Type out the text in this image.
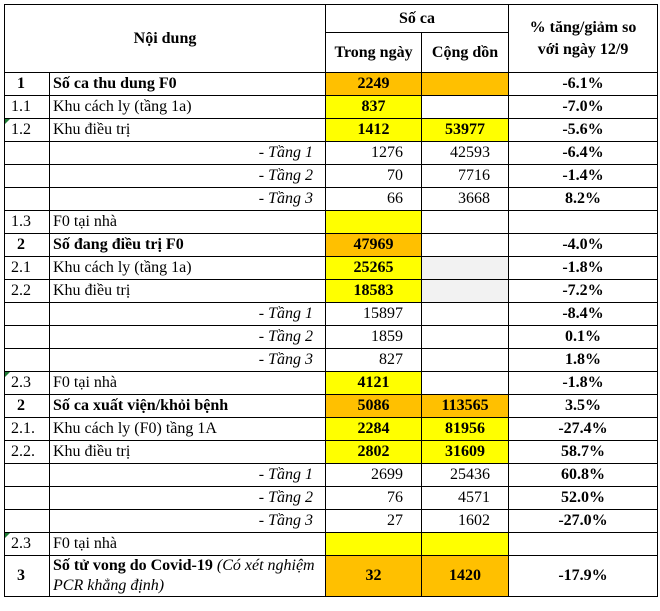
Nội dung		Số ca		% tăng/giảm so
với ngày 12/9
		Trong ngày	Cộng dồn	
1	Số ca thu dung F0	2249		-6.1%
1.1	Khu cách ly (tầng 1a)	837		-7.0%
1.2	Khu điều trị	1412	53977	-5.6%
	- Tầng 1	1276	42593	-6.4%
	- Tầng 2	70	7716	-1.4%
	- Tầng 3	66	3668	8.2%
1.3	F0 tại nhà			
2	Số đang điều trị F0	47969		-4.0%
2.1	Khu cách ly (tầng 1a)	25265		-1.8%
2.2	Khu điều trị	18583		-7.2%
	- Tầng 1	15897		-8.4%
	- Tầng 2	1859		0.1%
	- Tầng 3	827		1.8%
2.3	F0 tại nhà	4121		-1.8%
2	Số ca xuất viện/khỏi bệnh	5086	113565	3.5%
2.1.	Khu cách ly (F0) tầng 1A	2284	81956	-27.4%
2.2.	Khu điều trị	2802	31609	58.7%
	- Tầng 1	2699	25436	60.8%
	- Tầng 2	76	4571	52.0%
	- Tầng 3	27	1602	-27.0%
2.3	F0 tại nhà			
3	Số tử vong do Covid-19 (Có xét nghiệm PCR khẳng định)	32	1420	-17.9%
